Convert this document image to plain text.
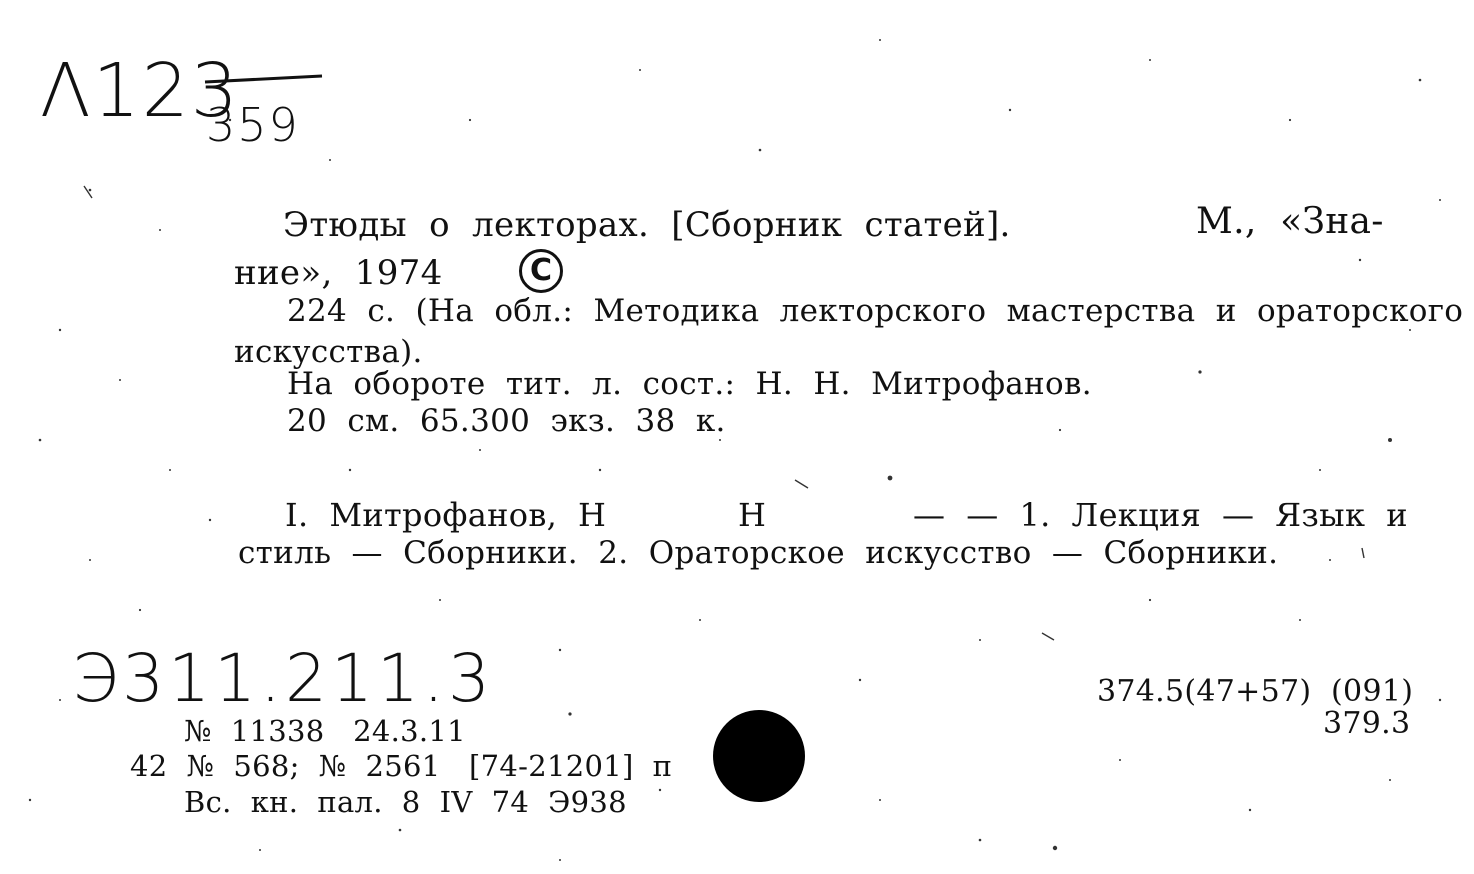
Λ123
359
Этюды  о  лекторах.  [Сборник  статей].	М.,  «Зна-
ние»,  1974	C
224  с.  (На  обл.:  Методика  лекторского  мастерства  и  ораторского
искусства).
На  обороте  тит.  л.  сост.:  Н.  Н.  Митрофанов.
20  см.  65.300  экз.  38  к.
I.  Митрофанов,  Н	Н	—  —  1.  Лекция  —  Язык  и
стиль  —  Сборники.  2.  Ораторское  искусство  —  Сборники.
Э311.211.3	374.5(47+57)  (091)
379.3
№  11338   24.3.11
42  №  568;  №  2561   [74-21201]  п
Вс.  кн.  пал.  8  IV  74  Э938
